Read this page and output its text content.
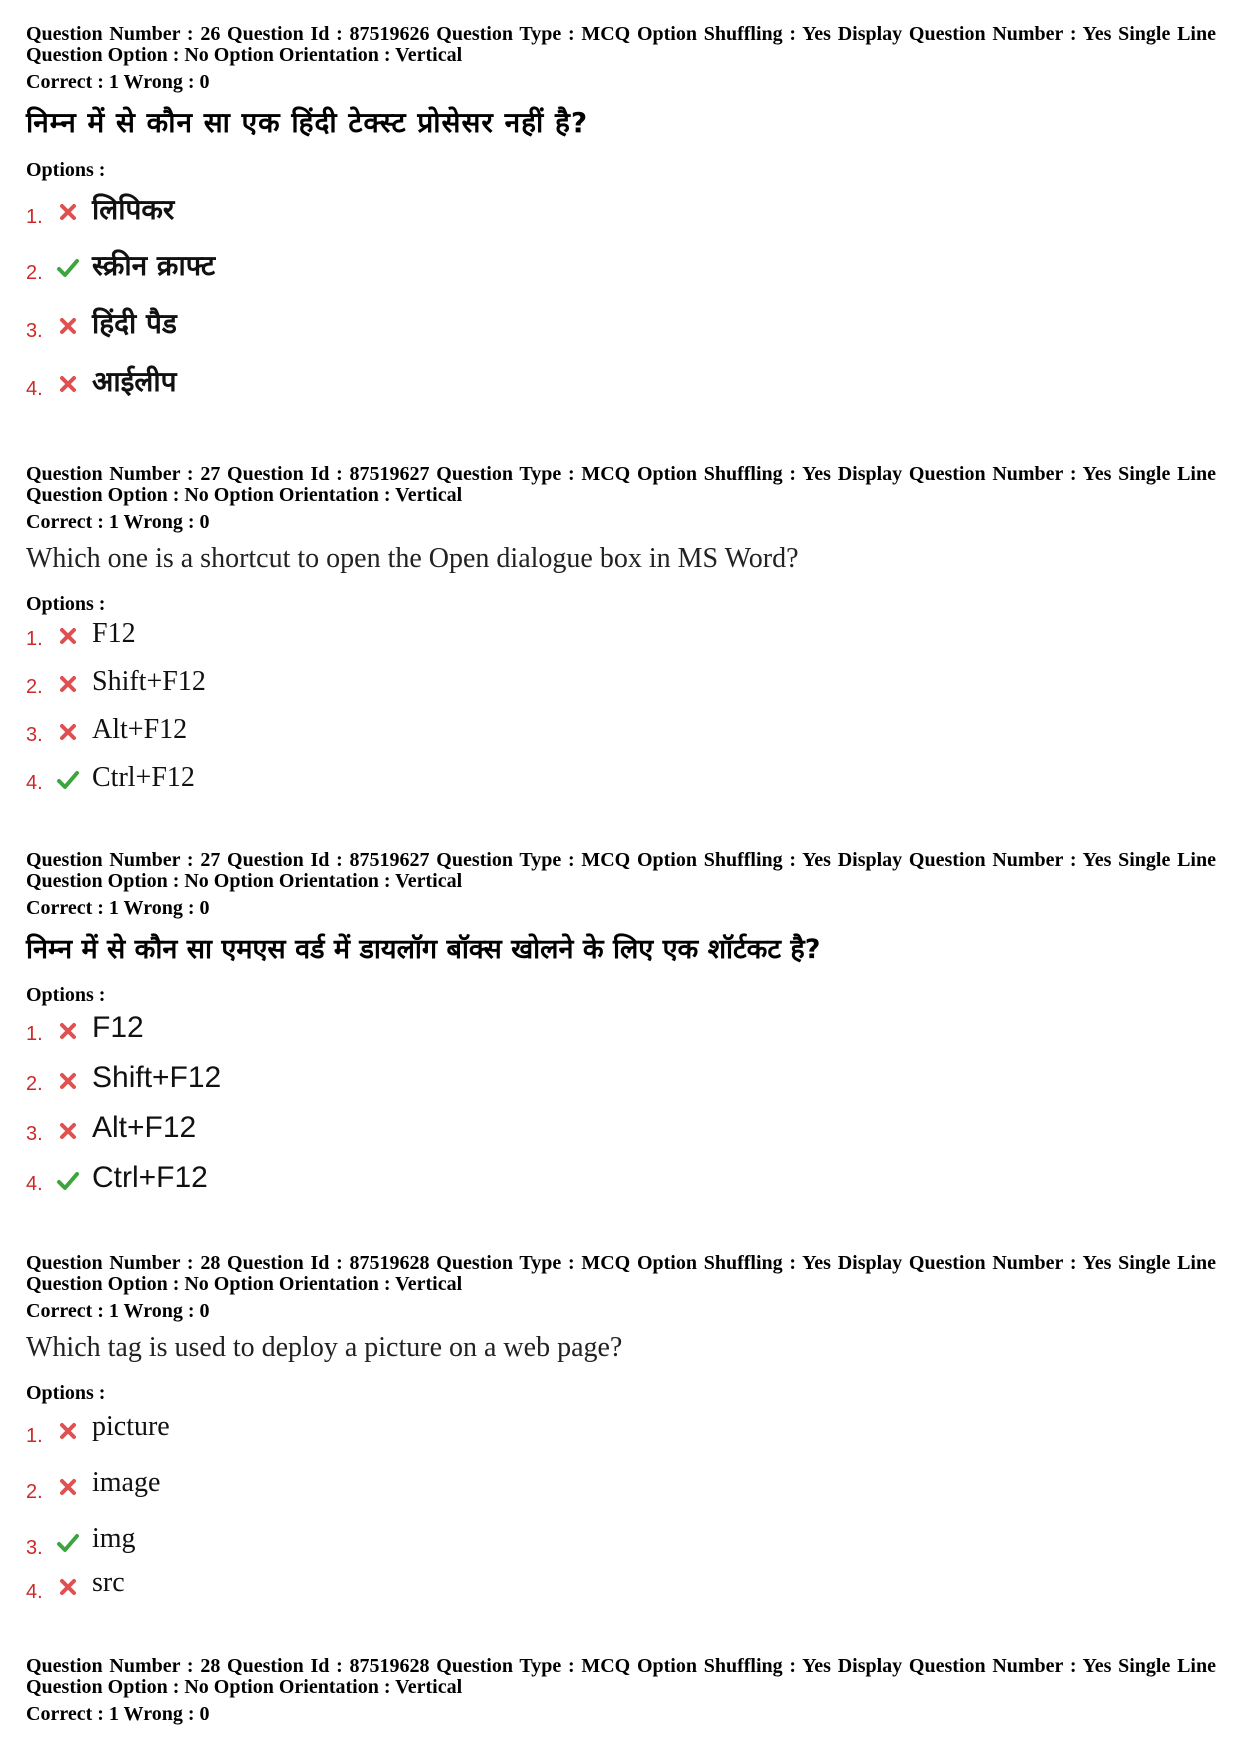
Question Number : 26 Question Id : 87519626 Question Type : MCQ Option Shuffling : Yes Display Question Number : Yes Single Line Question Option : No Option Orientation : Vertical
Correct : 1 Wrong : 0
निम्न में से कौन सा एक हिंदी टेक्स्ट प्रोसेसर नहीं है?
Options :
1. लिपिकर
2. स्क्रीन क्राफ्ट
3. हिंदी पैड
4. आईलीप
Question Number : 27 Question Id : 87519627 Question Type : MCQ Option Shuffling : Yes Display Question Number : Yes Single Line Question Option : No Option Orientation : Vertical
Correct : 1 Wrong : 0
Which one is a shortcut to open the Open dialogue box in MS Word?
Options :
1. F12
2. Shift+F12
3. Alt+F12
4. Ctrl+F12
Question Number : 27 Question Id : 87519627 Question Type : MCQ Option Shuffling : Yes Display Question Number : Yes Single Line Question Option : No Option Orientation : Vertical
Correct : 1 Wrong : 0
निम्न में से कौन सा एमएस वर्ड में डायलॉग बॉक्स खोलने के लिए एक शॉर्टकट है?
Options :
1. F12
2. Shift+F12
3. Alt+F12
4. Ctrl+F12
Question Number : 28 Question Id : 87519628 Question Type : MCQ Option Shuffling : Yes Display Question Number : Yes Single Line Question Option : No Option Orientation : Vertical
Correct : 1 Wrong : 0
Which tag is used to deploy a picture on a web page?
Options :
1. picture
2. image
3. img
4. src
Question Number : 28 Question Id : 87519628 Question Type : MCQ Option Shuffling : Yes Display Question Number : Yes Single Line Question Option : No Option Orientation : Vertical
Correct : 1 Wrong : 0
